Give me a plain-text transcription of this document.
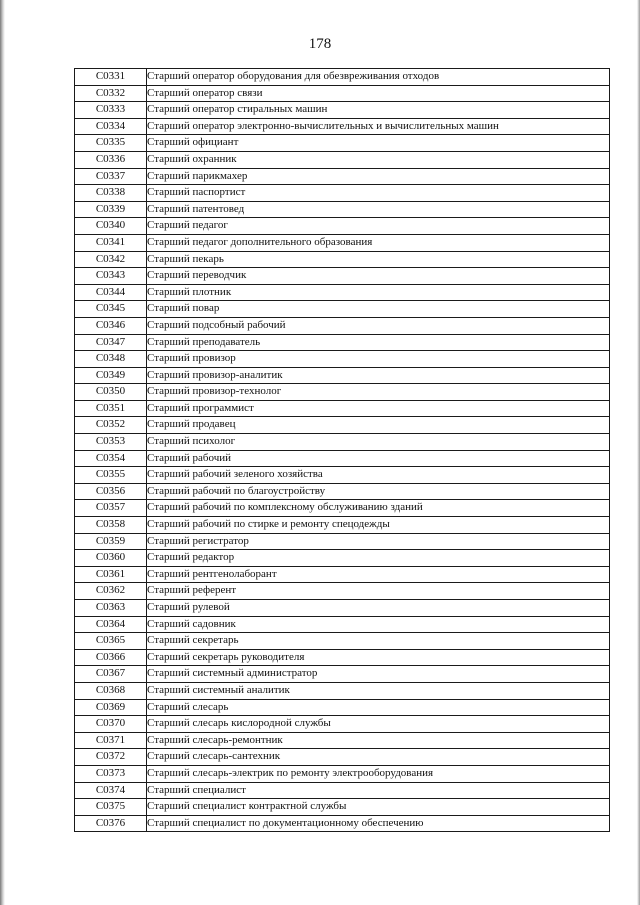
178
С0331	Старший оператор оборудования для обезвреживания отходов
С0332	Старший оператор связи
С0333	Старший оператор стиральных машин
С0334	Старший оператор электронно-вычислительных и вычислительных машин
С0335	Старший официант
С0336	Старший охранник
С0337	Старший парикмахер
С0338	Старший паспортист
С0339	Старший патентовед
С0340	Старший педагог
С0341	Старший педагог дополнительного образования
С0342	Старший пекарь
С0343	Старший переводчик
С0344	Старший плотник
С0345	Старший повар
С0346	Старший подсобный рабочий
С0347	Старший преподаватель
С0348	Старший провизор
С0349	Старший провизор-аналитик
С0350	Старший провизор-технолог
С0351	Старший программист
С0352	Старший продавец
С0353	Старший психолог
С0354	Старший рабочий
С0355	Старший рабочий зеленого хозяйства
С0356	Старший рабочий по благоустройству
С0357	Старший рабочий по комплексному обслуживанию зданий
С0358	Старший рабочий по стирке и ремонту спецодежды
С0359	Старший регистратор
С0360	Старший редактор
С0361	Старший рентгенолаборант
С0362	Старший референт
С0363	Старший рулевой
С0364	Старший садовник
С0365	Старший секретарь
С0366	Старший секретарь руководителя
С0367	Старший системный администратор
С0368	Старший системный аналитик
С0369	Старший слесарь
С0370	Старший слесарь кислородной службы
С0371	Старший слесарь-ремонтник
С0372	Старший слесарь-сантехник
С0373	Старший слесарь-электрик по ремонту электрооборудования
С0374	Старший специалист
С0375	Старший специалист контрактной службы
С0376	Старший специалист по документационному обеспечению
